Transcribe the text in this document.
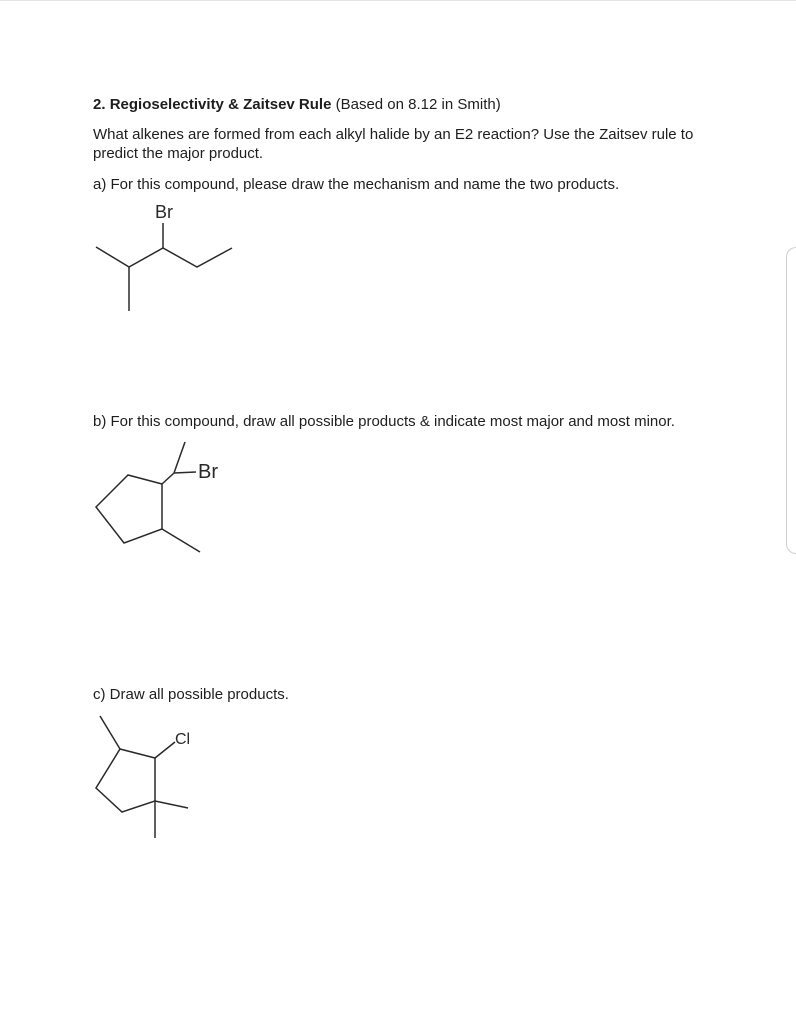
2. Regioselectivity & Zaitsev Rule (Based on 8.12 in Smith)
What alkenes are formed from each alkyl halide by an E2 reaction? Use the Zaitsev rule to predict the major product.
a) For this compound, please draw the mechanism and name the two products.
Br
b) For this compound, draw all possible products & indicate most major and most minor.
Br
c) Draw all possible products.
Cl
